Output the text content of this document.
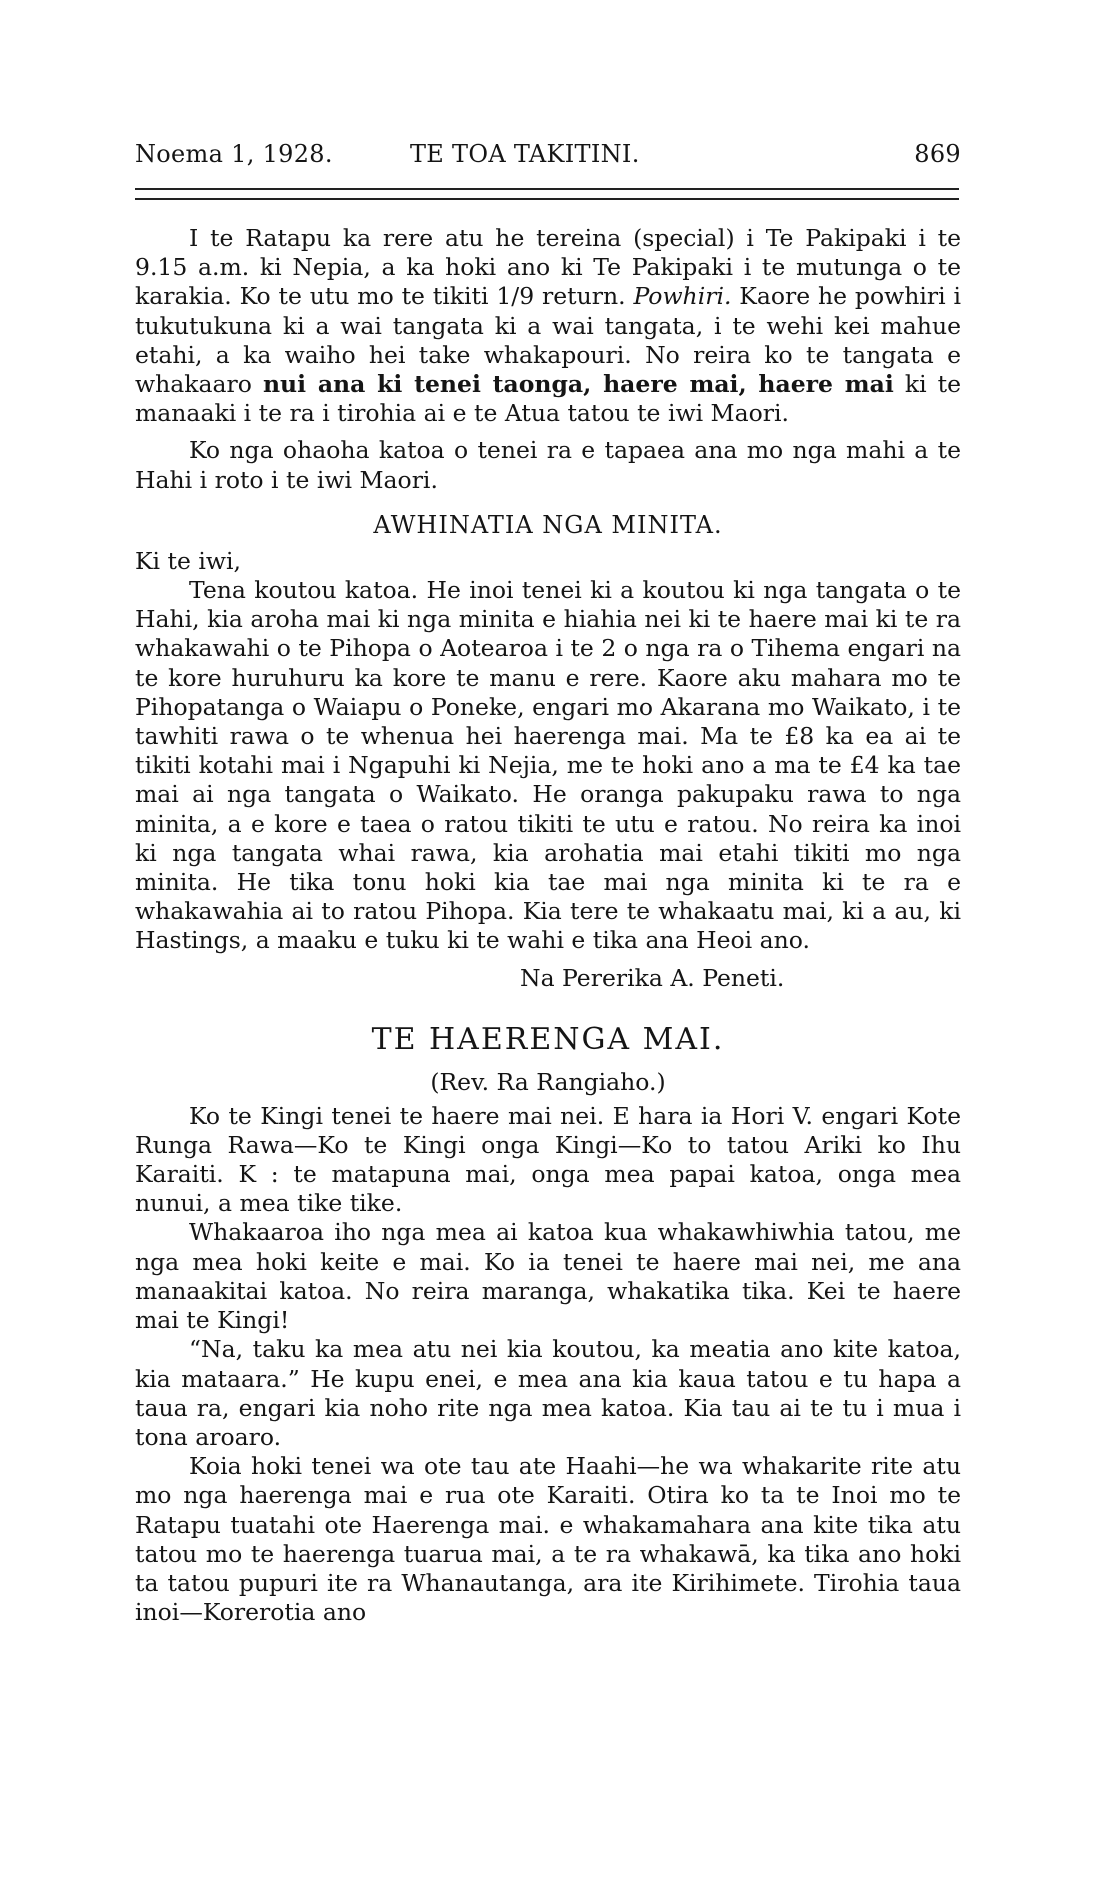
Noema 1, 1928.	TE TOA TAKITINI.	869

I te Ratapu ka rere atu he tereina (special) i Te Pakipaki i te 9.15 a.m. ki Nepia, a ka hoki ano ki Te Pakipaki i te mutunga o te karakia. Ko te utu mo te tikiti 1/9 return. Powhiri. Kaore he powhiri i tukutukuna ki a wai tangata ki a wai tangata, i te wehi kei mahue etahi, a ka waiho hei take whakapouri. No reira ko te tangata e whakaaro nui ana ki tenei taonga, haere mai, haere mai ki te manaaki i te ra i tirohia ai e te Atua tatou te iwi Maori.

Ko nga ohaoha katoa o tenei ra e tapaea ana mo nga mahi a te Hahi i roto i te iwi Maori.

AWHINATIA NGA MINITA.

Ki te iwi,

Tena koutou katoa. He inoi tenei ki a koutou ki nga tangata o te Hahi, kia aroha mai ki nga minita e hiahia nei ki te haere mai ki te ra whakawahi o te Pihopa o Aotearoa i te 2 o nga ra o Tihema engari na te kore huruhuru ka kore te manu e rere. Kaore aku mahara mo te Pihopatanga o Waiapu o Poneke, engari mo Akarana mo Waikato, i te tawhiti rawa o te whenua hei haerenga mai. Ma te £8 ka ea ai te tikiti kotahi mai i Ngapuhi ki Nejia, me te hoki ano a ma te £4 ka tae mai ai nga tangata o Waikato. He oranga pakupaku rawa to nga minita, a e kore e taea o ratou tikiti te utu e ratou. No reira ka inoi ki nga tangata whai rawa, kia arohatia mai etahi tikiti mo nga minita. He tika tonu hoki kia tae mai nga minita ki te ra e whakawahia ai to ratou Pihopa. Kia tere te whakaatu mai, ki a au, ki Hastings, a maaku e tuku ki te wahi e tika ana Heoi ano.

Na Pererika A. Peneti.
TE HAERENGA MAI.
(Rev. Ra Rangiaho.)

Ko te Kingi tenei te haere mai nei. E hara ia Hori V. engari Kote Runga Rawa—Ko te Kingi onga Kingi—Ko to tatou Ariki ko Ihu Karaiti. K : te matapuna mai, onga mea papai katoa, onga mea nunui, a mea tike tike.

Whakaaroa iho nga mea ai katoa kua whakawhiwhia tatou, me nga mea hoki keite e mai. Ko ia tenei te haere mai nei, me ana manaakitai katoa. No reira maranga, whakatika tika. Kei te haere mai te Kingi!

“Na, taku ka mea atu nei kia koutou, ka meatia ano kite katoa, kia mataara.” He kupu enei, e mea ana kia kaua tatou e tu hapa a taua ra, engari kia noho rite nga mea katoa. Kia tau ai te tu i mua i tona aroaro.

Koia hoki tenei wa ote tau ate Haahi—he wa whakarite rite atu mo nga haerenga mai e rua ote Karaiti. Otira ko ta te Inoi mo te Ratapu tuatahi ote Haerenga mai. e whakamahara ana kite tika atu tatou mo te haerenga tuarua mai, a te ra whakawā, ka tika ano hoki ta tatou pupuri ite ra Whanautanga, ara ite Kirihimete. Tirohia taua inoi—Korerotia ano
